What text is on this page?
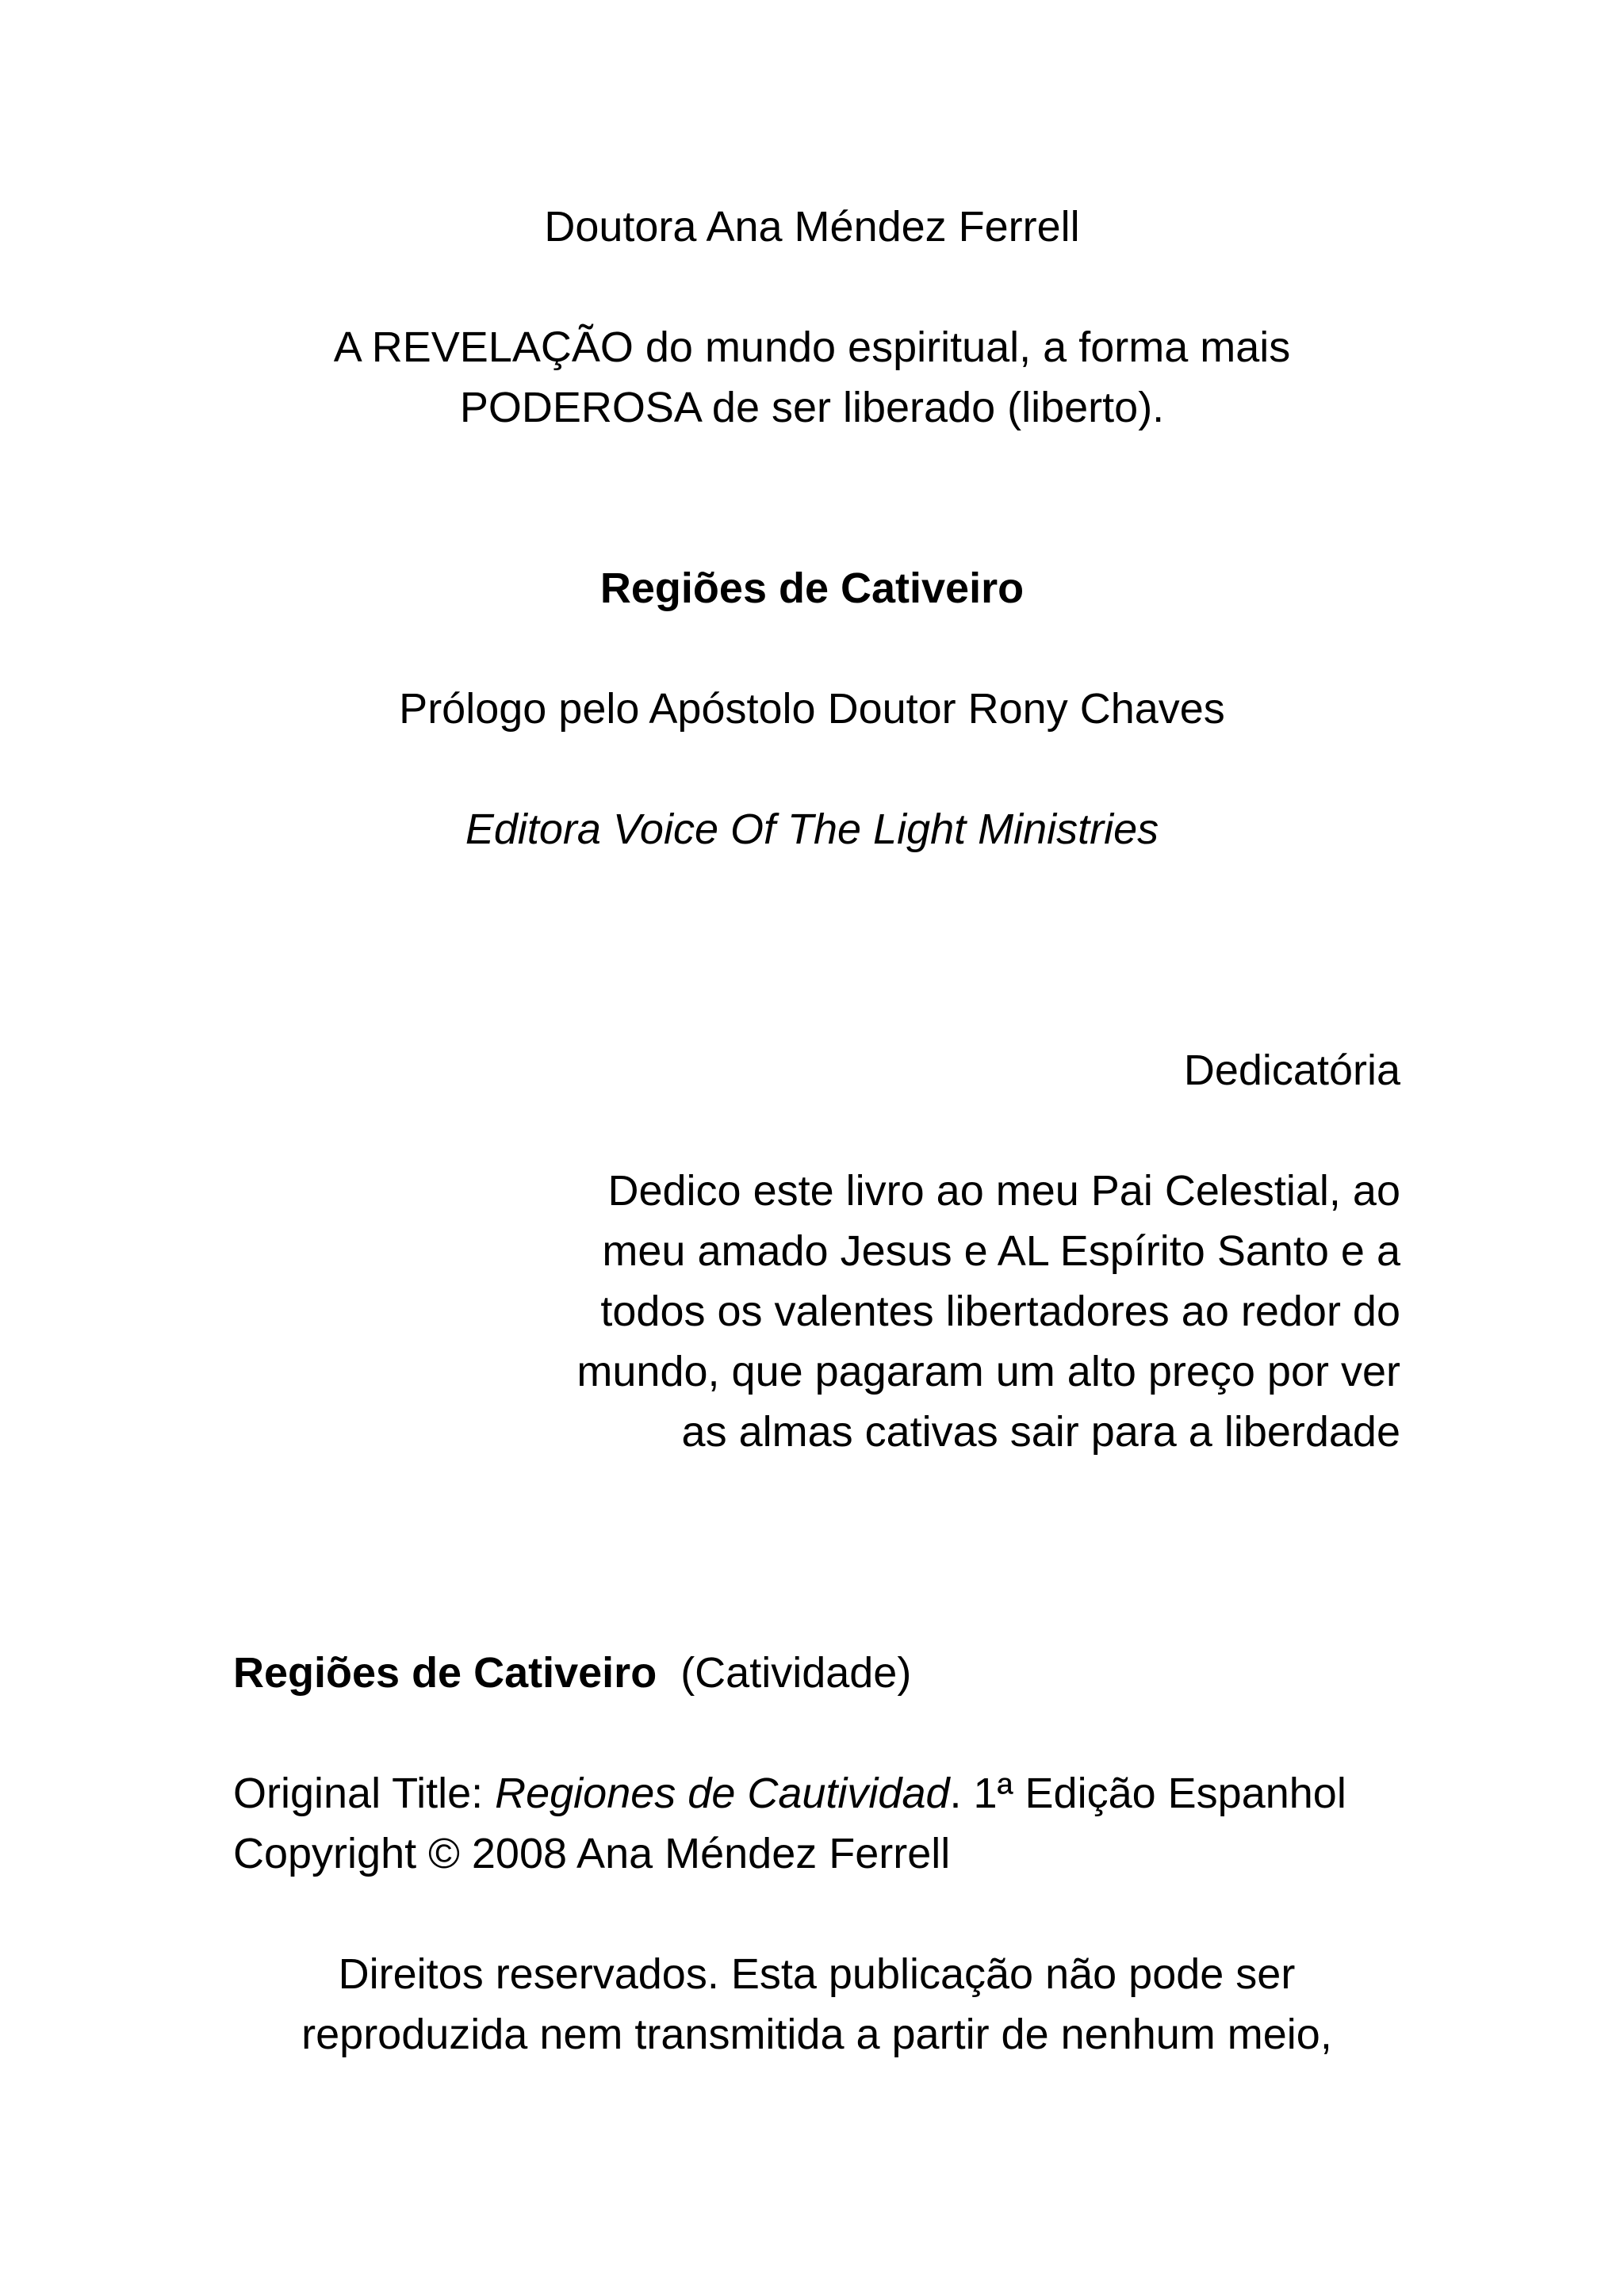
Doutora Ana Méndez Ferrell

A REVELAÇÃO do mundo espiritual, a forma mais

PODEROSA de ser liberado (liberto).

Regiões de Cativeiro

Prólogo pelo Apóstolo Doutor Rony Chaves

Editora Voice Of The Light Ministries

Dedicatória

Dedico este livro ao meu Pai Celestial, ao

meu amado Jesus e AL Espírito Santo e a

todos os valentes libertadores ao redor do

mundo, que pagaram um alto preço por ver

as almas cativas sair para a liberdade

Regiões de Cativeiro (Catividade)

Original Title: Regiones de Cautividad. 1ª Edição Espanhol

Copyright © 2008 Ana Méndez Ferrell

Direitos reservados. Esta publicação não pode ser

reproduzida nem transmitida a partir de nenhum meio,
